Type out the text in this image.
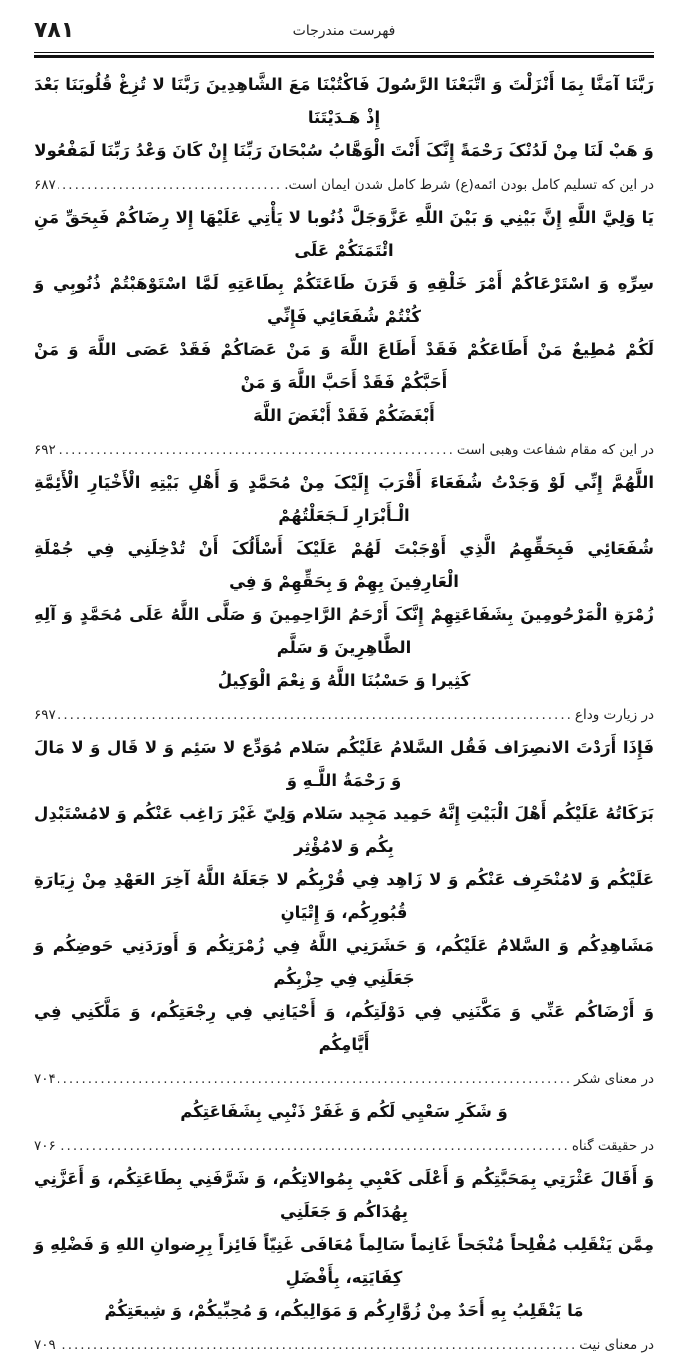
۷۸۱	فهرست مندرجات

رَبَّنَا آمَنَّا بِمَا أَنْزَلْتَ وَ اتَّبَعْنَا الرَّسُولَ فَاكْتُبْنَا مَعَ الشَّاهِدِينَ رَبَّنَا لا تُزِغْ قُلُوبَنَا بَعْدَ إِذْ هَـدَيْتَنَا

وَ هَبْ لَنَا مِنْ لَدُنْکَ رَحْمَةً إِنَّکَ أَنْتَ الْوَهَّابُ سُبْحَانَ رَبِّنَا إِنْ كَانَ وَعْدُ رَبِّنَا لَمَفْعُولا

در این که تسلیم کامل بودن ائمه(ع) شرط کامل شدن ایمان است.
.....
۶۸۷

يَا وَلِيَّ اللَّهِ إِنَّ بَيْنِي وَ بَيْنَ اللَّهِ عَزَّوَجَلَّ ذُنُوبا لا يَأْتِي عَلَيْهَا إِلا رِضَاكُمْ فَبِحَقِّ مَنِ ائْتَمَنَكُمْ عَلَى

سِرِّهِ وَ اسْتَرْعَاكُمْ أَمْرَ خَلْقِهِ وَ قَرَنَ طَاعَتَكُمْ بِطَاعَتِهِ لَمَّا اسْتَوْهَبْتُمْ ذُنُوبِي وَ كُنْتُمْ شُفَعَائِي فَإِنِّي

لَكُمْ مُطِيعٌ مَنْ أَطَاعَكُمْ فَقَدْ أَطَاعَ اللَّهَ وَ مَنْ عَصَاكُمْ فَقَدْ عَصَى اللَّهَ وَ مَنْ أَحَبَّكُمْ فَقَدْ أَحَبَّ اللَّهَ وَ مَنْ

أَبْغَضَكُمْ فَقَدْ أَبْغَضَ اللَّهَ

در این که مقام شفاعت وهبی است
.....
۶۹۲

اللَّهُمَّ إِنِّي لَوْ وَجَدْتُ شُفَعَاءَ أَقْرَبَ إِلَيْکَ مِنْ مُحَمَّدٍ وَ أَهْلِ بَيْتِهِ الْأَخْيَارِ الْأَئِمَّةِ الْـأَبْرَارِ لَـجَعَلْتُهُمْ

شُفَعَائِي فَبِحَقِّهِمُ الَّذِي أَوْجَبْتَ لَهُمْ عَلَيْکَ أَسْأَلُکَ أَنْ تُدْخِلَنِي فِي جُمْلَةِ الْعَارِفِينَ بِهِمْ وَ بِحَقِّهِمْ وَ فِي

زُمْرَةِ الْمَرْحُومِينَ بِشَفَاعَتِهِمْ إِنَّکَ أَرْحَمُ الرَّاحِمِينَ وَ صَلَّى اللَّهُ عَلَى مُحَمَّدٍ وَ آلِهِ الطَّاهِرِينَ وَ سَلَّم

كَثِيرا وَ حَسْبُنَا اللَّهُ وَ نِعْمَ الْوَكِيلُ

در زیارت وداع
.....
۶۹۷

فَإِذَا أَرَدْتَ الانصِرَاف فَقُل السَّلامُ عَلَيْكُم سَلام مُوَدِّع لا سَئِم وَ لا قَال وَ لا مَالَ وَ رَحْمَةُ اللَّـهِ وَ

بَرَكَاتُهُ عَلَيْكُم أَهْلَ الْبَيْتِ إِنَّهُ حَمِيد مَجِيد سَلام وَلِيّ غَيْرَ رَاغِب عَنْكُم وَ لامُسْتَبْدِل بِكُم وَ لامُؤْثِر

عَلَيْكُم وَ لامُنْحَرِف عَنْكُم وَ لا زَاهِد فِي قُرْبِكُم لا جَعَلَهُ اللَّهُ آخِرَ العَهْدِ مِنْ زِيَارَةِ قُبُورِكُم، وَ إِتْيَانِ

مَشَاهِدِكُم وَ السَّلامُ عَلَيْكُم، وَ حَشَرَنِي اللَّهُ فِي زُمْرَتِكُم وَ أَورَدَنِي حَوضِكُم وَ جَعَلَنِي فِي حِزْبِكُم

وَ أَرْضَاكُم عَنِّي وَ مَكَّنَنِي فِي دَوْلَتِكُم، وَ أَحْيَانِي فِي رِجْعَتِكُم، وَ مَلَّكَنِي فِي أَيَّامِكُم

در معنای شکر
.....
۷۰۴

وَ شَكَرِ سَعْيِي لَكُم وَ غَفَرْ ذَنْبِي بِشَفَاعَتِكُم

در حقیقت گناه
.....
۷۰۶

وَ أَقَالَ عَثْرَتِي بِمَحَبَّتِكُم وَ أَعْلَى كَعْبِي بِمُوالاتِكُم، وَ شَرَّفَنِي بِطَاعَتِكُم، وَ أَعَزَّنِي بِهُدَاكُم وَ جَعَلَنِي

مِمَّن يَنْقَلِب مُفْلِحاً مُنْجَحاً غَانِماً سَالِماً مُعَافَى غَنِيّاً فَائِزاً بِرِضوانِ اللهِ وَ فَضْلِهِ وَ كِفَايَتِه، بِأَفْضَلِ

مَا يَنْقَلِبُ بِهِ أَحَدٌ مِنْ زُوَّارِكُم وَ مَوَالِيكُم، وَ مُحِبِّيكُمْ، وَ شِيعَتِكُمْ

در معنای نیت
.....
۷۰۹
